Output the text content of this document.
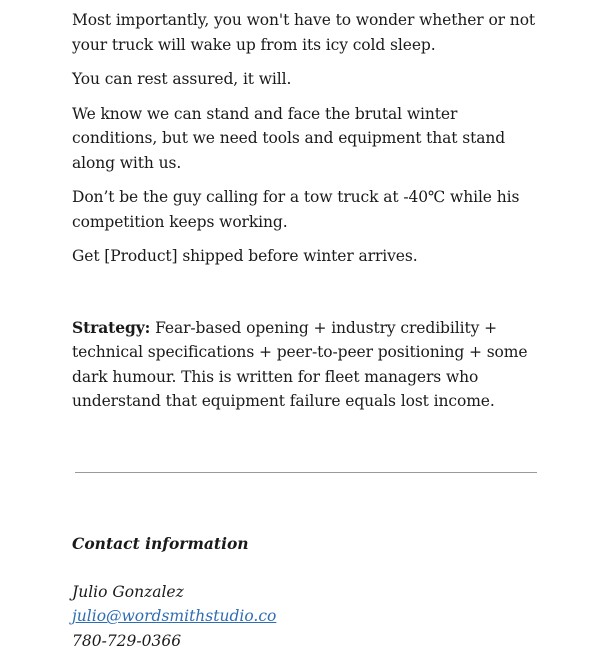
Most importantly, you won't have to wonder whether or not your truck will wake up from its icy cold sleep.

You can rest assured, it will.

We know we can stand and face the brutal winter conditions, but we need tools and equipment that stand along with us.

Don’t be the guy calling for a tow truck at -40℃ while his competition keeps working.

Get [Product] shipped before winter arrives.

Strategy: Fear-based opening + industry credibility + technical specifications + peer-to-peer positioning + some dark humour. This is written for fleet managers who understand that equipment failure equals lost income.

Contact information

Julio Gonzalez
julio@wordsmithstudio.co
780-729-0366
